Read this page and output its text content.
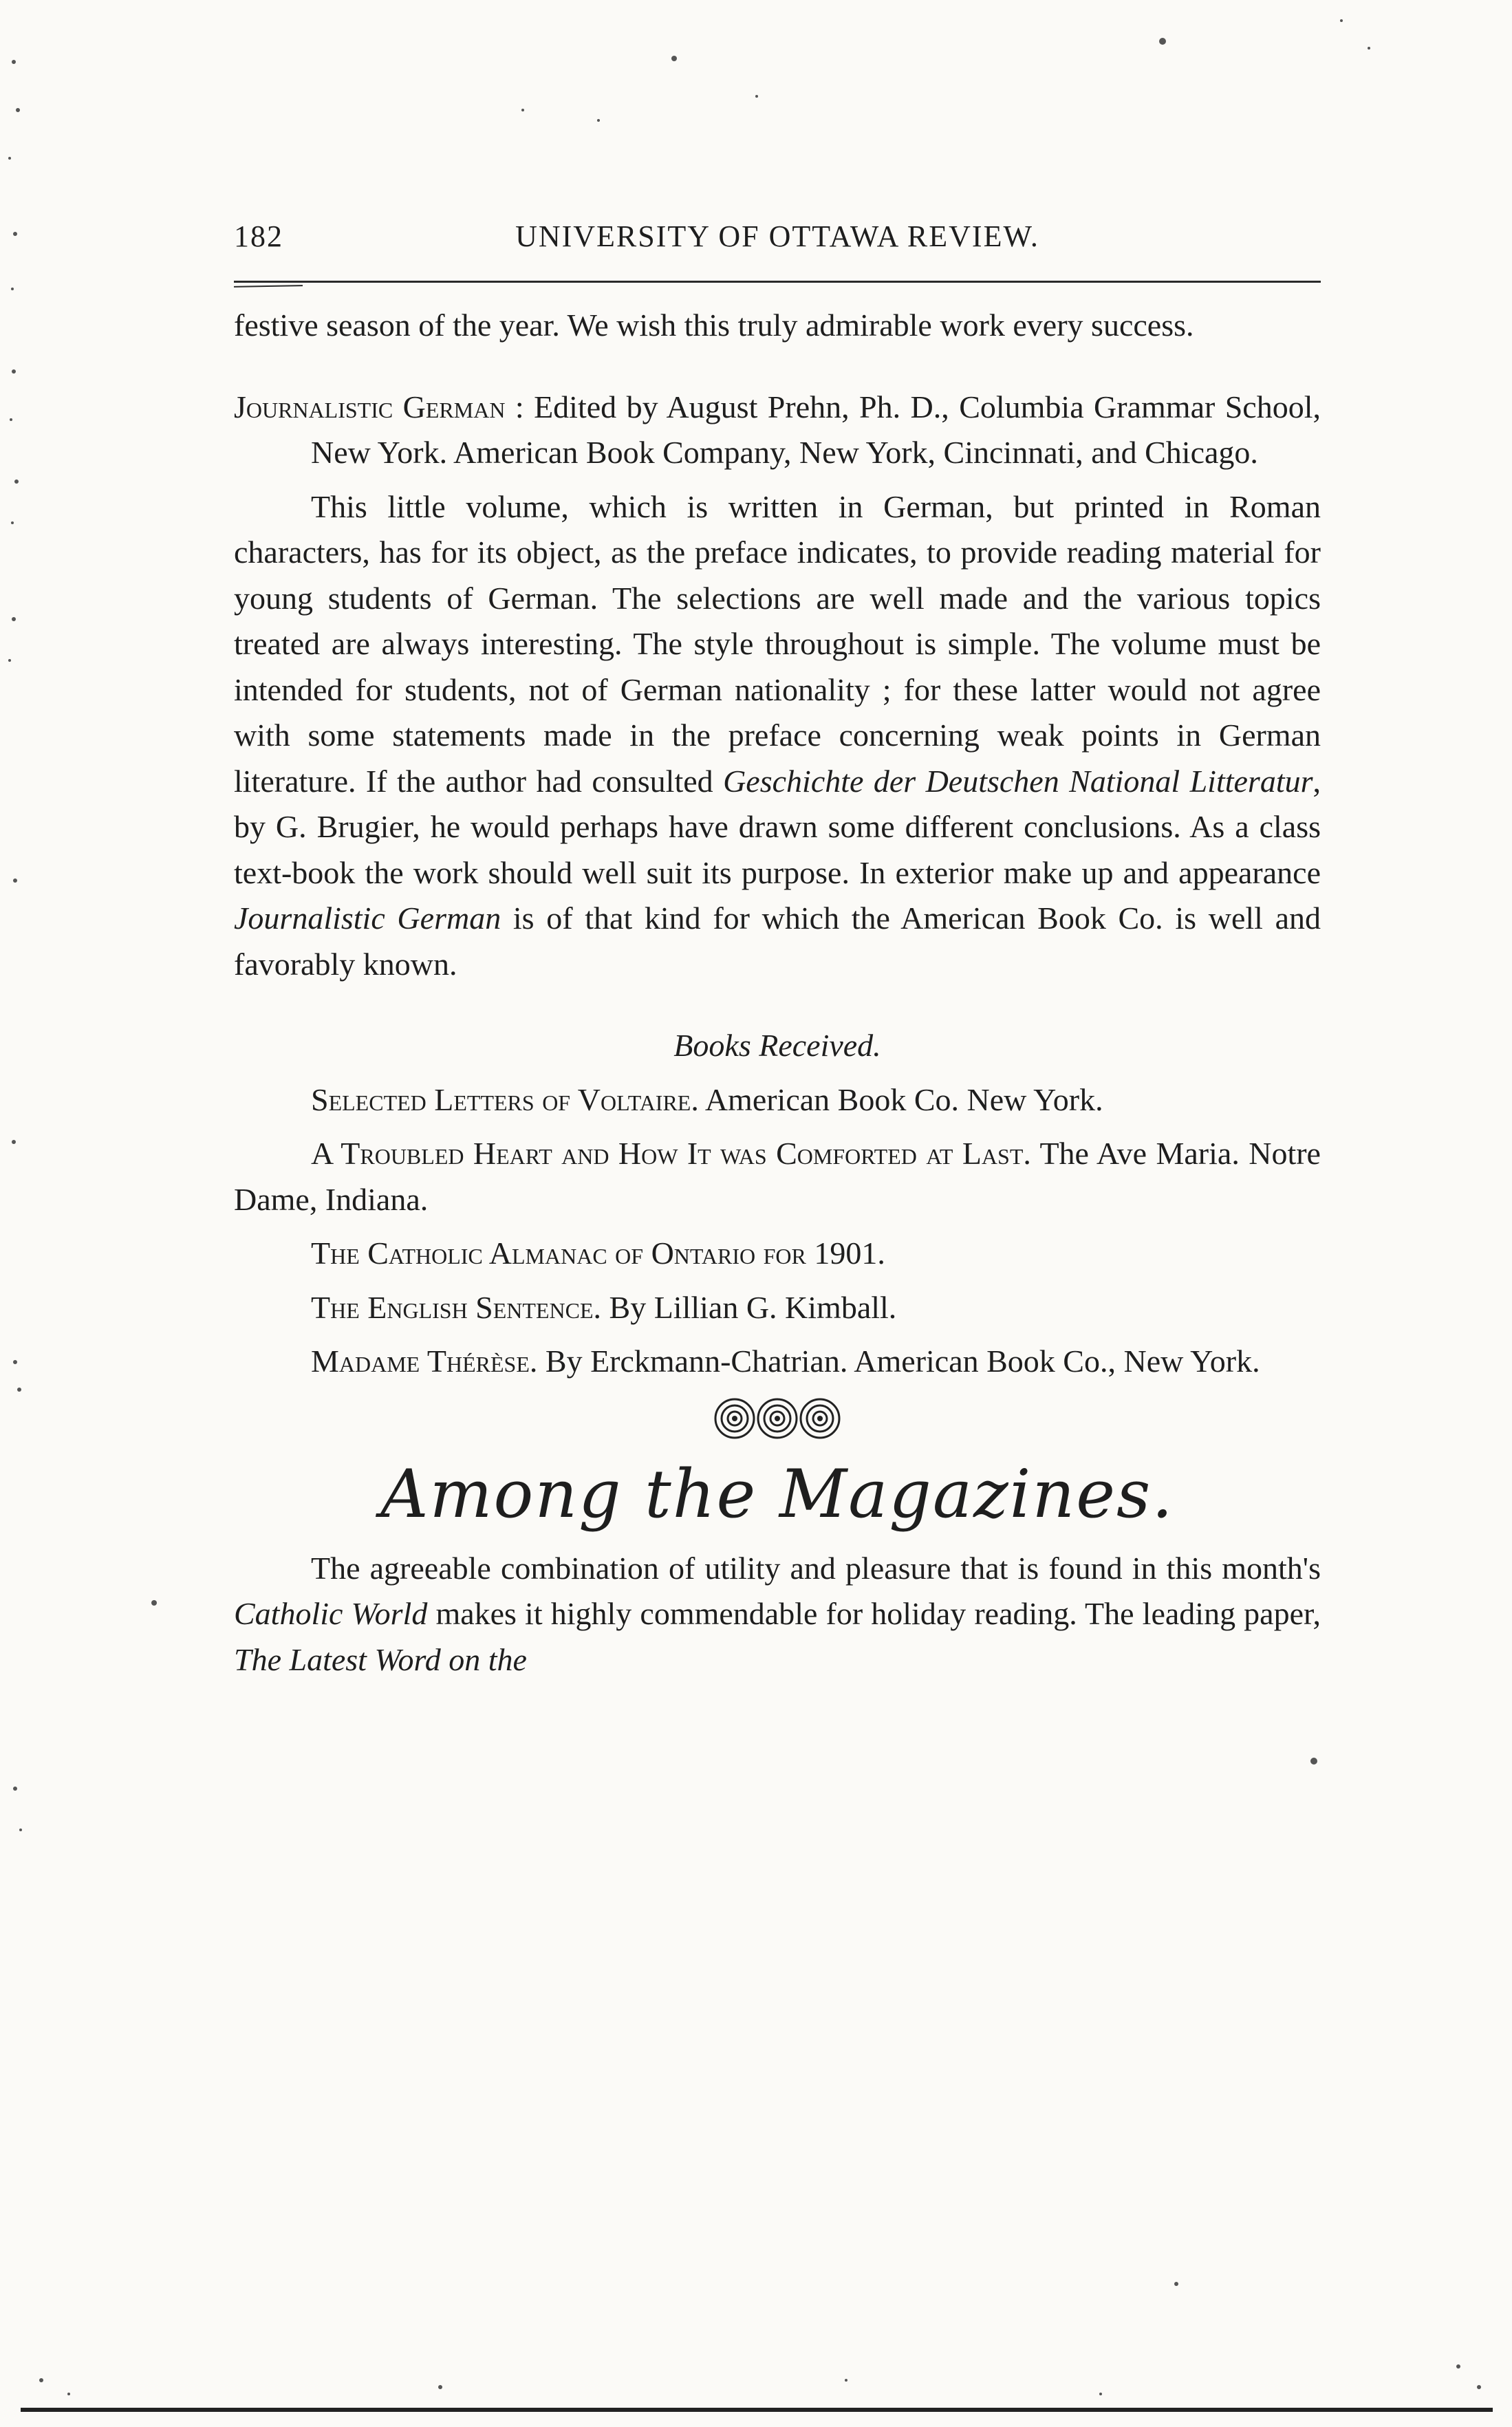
182	UNIVERSITY OF OTTAWA REVIEW.

festive season of the year. We wish this truly admirable work every success.

Journalistic German : Edited by August Prehn, Ph. D., Columbia Grammar School, New York. American Book Company, New York, Cincinnati, and Chicago.

This little volume, which is written in German, but printed in Roman characters, has for its object, as the preface indicates, to provide reading material for young students of German. The selections are well made and the various topics treated are always interesting. The style throughout is simple. The volume must be intended for students, not of German nationality ; for these latter would not agree with some statements made in the preface concerning weak points in German literature. If the author had consulted Geschichte der Deutschen National Litteratur, by G. Brugier, he would perhaps have drawn some different conclusions. As a class text-book the work should well suit its purpose. In exterior make up and appearance Journalistic German is of that kind for which the American Book Co. is well and favorably known.

Books Received.

Selected Letters of Voltaire. American Book Co. New York.

A Troubled Heart and How It was Comforted at Last. The Ave Maria. Notre Dame, Indiana.

The Catholic Almanac of Ontario for 1901.

The English Sentence. By Lillian G. Kimball.

Madame Thérèse. By Erckmann-Chatrian. American Book Co., New York.

Among the Magazines.

The agreeable combination of utility and pleasure that is found in this month's Catholic World makes it highly commendable for holiday reading. The leading paper, The Latest Word on the
